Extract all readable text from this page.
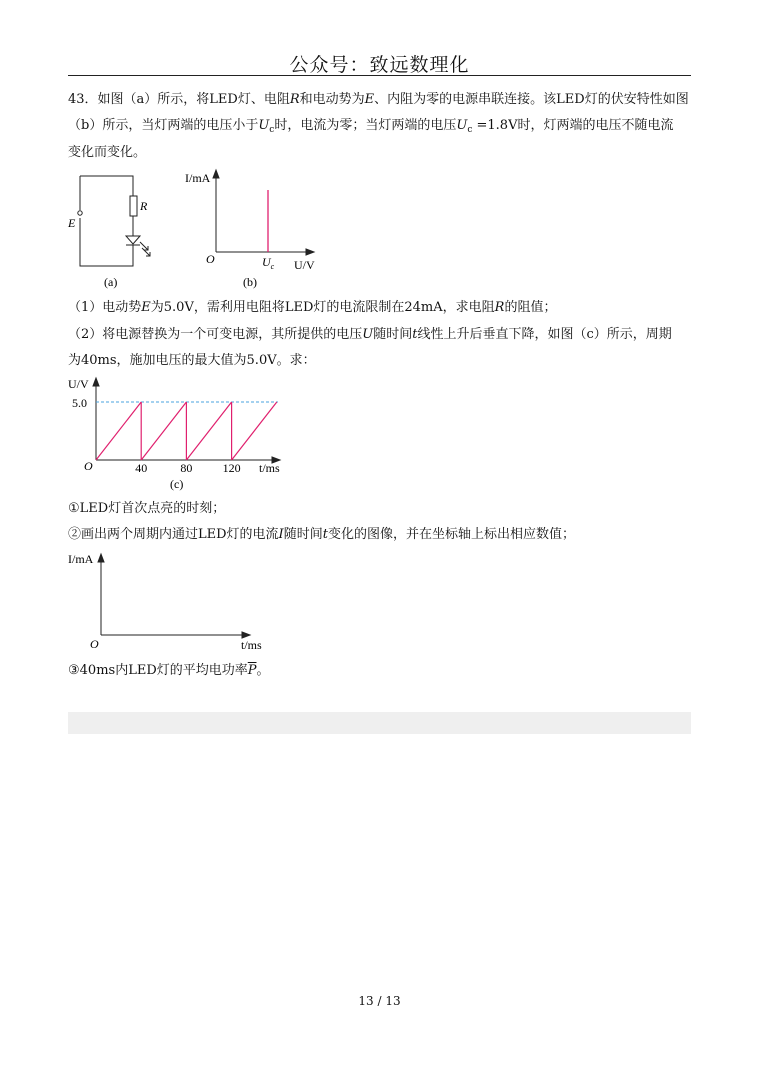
公众号：致远数理化
43．如图（a）所示，将LED灯、电阻R和电动势为E、内阻为零的电源串联连接。该LED灯的伏安特性如图
（b）所示，当灯两端的电压小于$U_c$时，电流为零；当灯两端的电压$U_c =1.8V$时，灯两端的电压不随电流
变化而变化。
R
E
(a)
I/mA
O	$U_c$ U/V
(b)
（1）电动势E为5.0V，需利用电阻将LED灯的电流限制在24mA，求电阻R的阻值；
（2）将电源替换为一个可变电源，其所提供的电压U随时间t线性上升后垂直下降，如图（c）所示，周期
为40ms，施加电压的最大值为5.0V。求：
U/V
5.0
O	40	80	120 t/ms
(c)
①LED灯首次点亮的时刻；
②画出两个周期内通过LED灯的电流I随时间t变化的图像，并在坐标轴上标出相应数值；
I/mA
O	t/ms
③40ms内LED灯的平均电功率$\overline{P}$。
13 / 13
